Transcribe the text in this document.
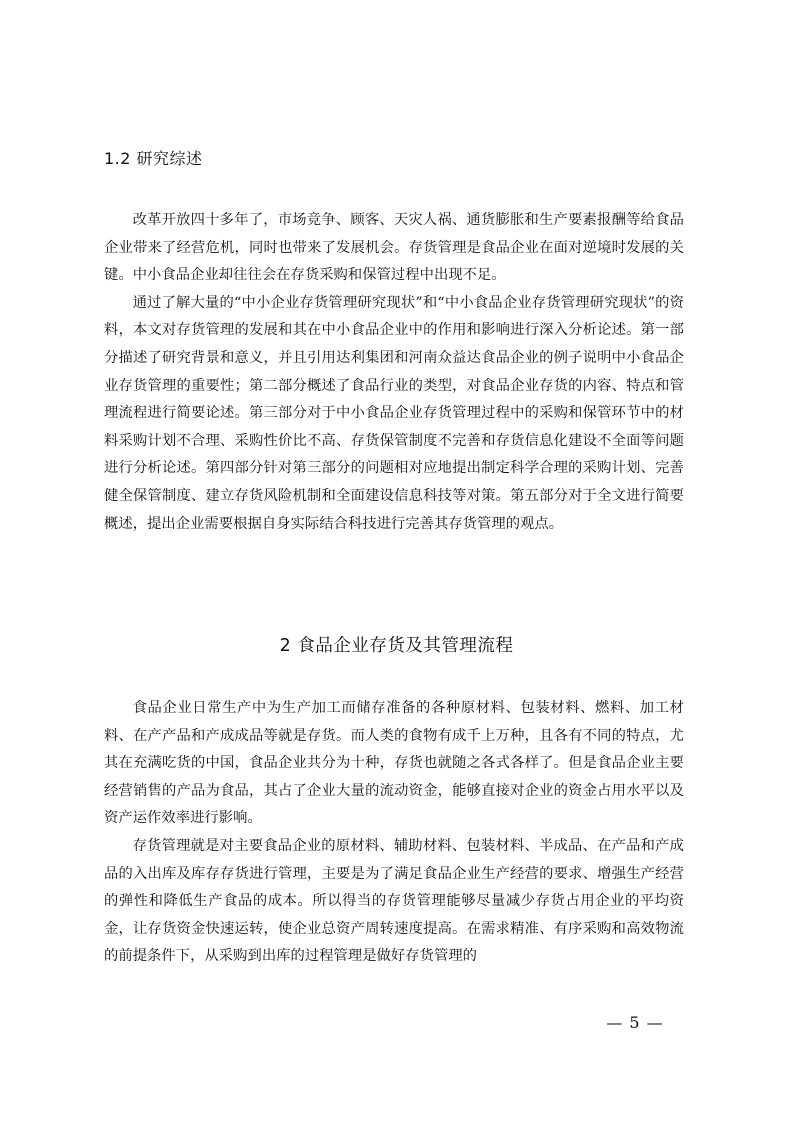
1.2 研究综述

改革开放四十多年了，市场竞争、顾客、天灾人祸、通货膨胀和生产要素报酬等给食品企业带来了经营危机，同时也带来了发展机会。存货管理是食品企业在面对逆境时发展的关键。中小食品企业却往往会在存货采购和保管过程中出现不足。

通过了解大量的“中小企业存货管理研究现状”和“中小食品企业存货管理研究现状”的资料，本文对存货管理的发展和其在中小食品企业中的作用和影响进行深入分析论述。第一部分描述了研究背景和意义，并且引用达利集团和河南众益达食品企业的例子说明中小食品企业存货管理的重要性；第二部分概述了食品行业的类型，对食品企业存货的内容、特点和管理流程进行简要论述。第三部分对于中小食品企业存货管理过程中的采购和保管环节中的材料采购计划不合理、采购性价比不高、存货保管制度不完善和存货信息化建设不全面等问题进行分析论述。第四部分针对第三部分的问题相对应地提出制定科学合理的采购计划、完善健全保管制度、建立存货风险机制和全面建设信息科技等对策。第五部分对于全文进行简要概述，提出企业需要根据自身实际结合科技进行完善其存货管理的观点。

2 食品企业存货及其管理流程

食品企业日常生产中为生产加工而储存准备的各种原材料、包装材料、燃料、加工材料、在产产品和产成成品等就是存货。而人类的食物有成千上万种，且各有不同的特点，尤其在充满吃货的中国，食品企业共分为十种，存货也就随之各式各样了。但是食品企业主要经营销售的产品为食品，其占了企业大量的流动资金，能够直接对企业的资金占用水平以及资产运作效率进行影响。

存货管理就是对主要食品企业的原材料、辅助材料、包装材料、半成品、在产品和产成品的入出库及库存存货进行管理，主要是为了满足食品企业生产经营的要求、增强生产经营的弹性和降低生产食品的成本。所以得当的存货管理能够尽量减少存货占用企业的平均资金，让存货资金快速运转，使企业总资产周转速度提高。在需求精准、有序采购和高效物流的前提条件下，从采购到出库的过程管理是做好存货管理的

— 5 —
